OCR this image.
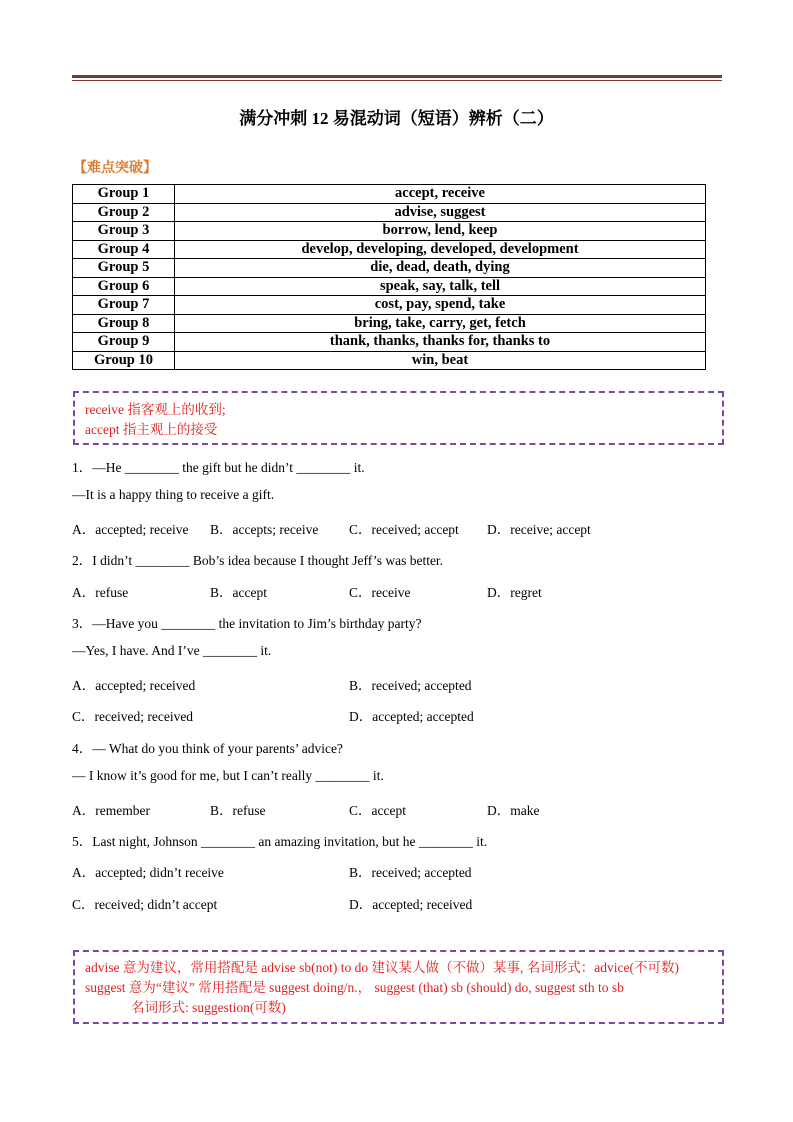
满分冲刺 12 易混动词（短语）辨析（二）
【难点突破】
Group 1	accept, receive
Group 2	advise, suggest
Group 3	borrow, lend, keep
Group 4	develop, developing, developed, development
Group 5	die, dead, death, dying
Group 6	speak, say, talk, tell
Group 7	cost, pay, spend, take
Group 8	bring, take, carry, get, fetch
Group 9	thank, thanks, thanks for, thanks to
Group 10	win, beat
receive 指客观上的收到;
accept 指主观上的接受
1．—He ________ the gift but he didn’t ________ it.
—It is a happy thing to receive a gift.
A．accepted; receive B．accepts; receive C．received; accept D．receive; accept
2．I didn’t ________ Bob’s idea because I thought Jeff’s was better.
A．refuse	B．accept	C．receive	D．regret
3．—Have you ________ the invitation to Jim’s birthday party?
—Yes, I have. And I’ve ________ it.
A．accepted; received	B．received; accepted
C．received; received	D．accepted; accepted
4．— What do you think of your parents’ advice?
— I know it’s good for me, but I can’t really ________ it.
A．remember	B．refuse	C．accept	D．make
5．Last night, Johnson ________ an amazing invitation, but he ________ it.
A．accepted; didn’t receive	B．received; accepted
C．received; didn’t accept	D．accepted; received
advise 意为建议，常用搭配是 advise sb(not) to do 建议某人做（不做）某事, 名词形式：advice(不可数)
suggest 意为“建议” 常用搭配是 suggest doing/n.， suggest (that) sb (should) do, suggest sth to sb
名词形式: suggestion(可数)
